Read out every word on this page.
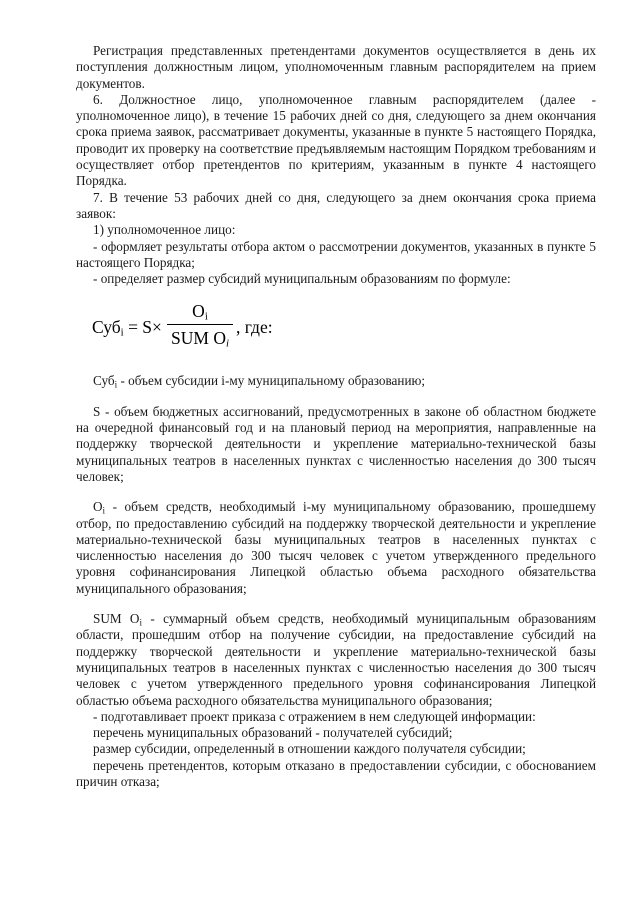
Регистрация представленных претендентами документов осуществляется в день их поступления должностным лицом, уполномоченным главным распорядителем на прием документов.

6. Должностное лицо, уполномоченное главным распорядителем (далее - уполномоченное лицо), в течение 15 рабочих дней со дня, следующего за днем окончания срока приема заявок, рассматривает документы, указанные в пункте 5 настоящего Порядка, проводит их проверку на соответствие предъявляемым настоящим Порядком требованиям и осуществляет отбор претендентов по критериям, указанным в пункте 4 настоящего Порядка.

7. В течение 53 рабочих дней со дня, следующего за днем окончания срока приема заявок:

1) уполномоченное лицо:

- оформляет результаты отбора актом о рассмотрении документов, указанных в пункте 5 настоящего Порядка;

- определяет размер субсидий муниципальным образованиям по формуле:

Суб$_i$ = S×
$O_i$
SUM $O_i$
, где:

Суб$_i$ - объем субсидии i-му муниципальному образованию;

S - объем бюджетных ассигнований, предусмотренных в законе об областном бюджете на очередной финансовый год и на плановый период на мероприятия, направленные на поддержку творческой деятельности и укрепление материально-технической базы муниципальных театров в населенных пунктах с численностью населения до 300 тысяч человек;

$O_i$ - объем средств, необходимый i-му муниципальному образованию, прошедшему отбор, по предоставлению субсидий на поддержку творческой деятельности и укрепление материально-технической базы муниципальных театров в населенных пунктах с численностью населения до 300 тысяч человек с учетом утвержденного предельного уровня софинансирования Липецкой областью объема расходного обязательства муниципального образования;

SUM $O_i$ - суммарный объем средств, необходимый муниципальным образованиям области, прошедшим отбор на получение субсидии, на предоставление субсидий на поддержку творческой деятельности и укрепление материально-технической базы муниципальных театров в населенных пунктах с численностью населения до 300 тысяч человек с учетом утвержденного предельного уровня софинансирования Липецкой областью объема расходного обязательства муниципального образования;

- подготавливает проект приказа с отражением в нем следующей информации:

перечень муниципальных образований - получателей субсидий;

размер субсидии, определенный в отношении каждого получателя субсидии;

перечень претендентов, которым отказано в предоставлении субсидии, с обоснованием причин отказа;
